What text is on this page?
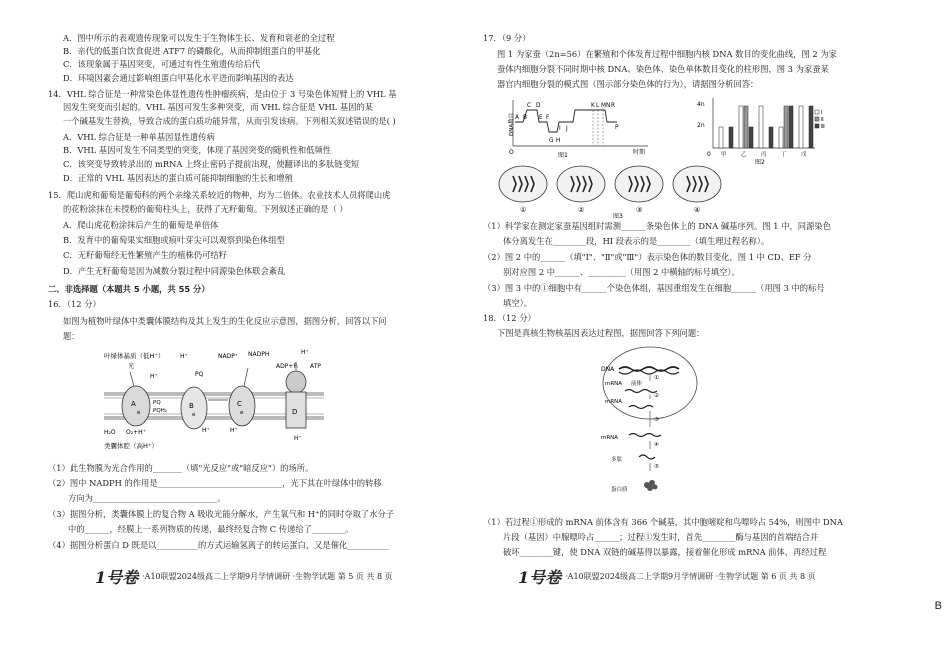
A．图中所示的表观遗传现象可以发生于生物体生长、发育和衰老的全过程
B．亲代的低蛋白饮食促进 ATF7 的磷酸化，从而抑制组蛋白的甲基化
C．该现象属于基因突变，可通过有性生殖遗传给后代
D．环境因素会通过影响组蛋白甲基化水平进而影响基因的表达
14．VHL 综合征是一种常染色体显性遗传性肿瘤疾病，是由位于 3 号染色体短臂上的 VHL 基
因发生突变而引起的。VHL 基因可发生多种突变，而 VHL 综合征是 VHL 基因的某
一个碱基发生替换，导致合成的蛋白质功能异常，从而引发该病。下列相关叙述错误的是( )
A．VHL 综合征是一种单基因显性遗传病
B．VHL 基因可发生不同类型的突变，体现了基因突变的随机性和低频性
C．该突变导致转录出的 mRNA 上终止密码子提前出现，使翻译出的多肽链变短
D．正常的 VHL 基因表达的蛋白质可能抑制细胞的生长和增殖
15．爬山虎和葡萄是葡萄科的两个亲缘关系较近的物种，均为二倍体。农业技术人员将爬山虎
的花粉涂抹在未授粉的葡萄柱头上，获得了无籽葡萄。下列叙述正确的是（ ）
A．爬山虎花粉涂抹后产生的葡萄是单倍体
B．发育中的葡萄果实细胞或痕叶芽尖可以观察到染色体组型
C．无籽葡萄经无性繁殖产生的植株仍可结籽
D．产生无籽葡萄是因为减数分裂过程中同源染色体联会紊乱
二、非选择题（本题共 5 小题，共 55 分）
16．（12 分）
如图为植物叶绿体中类囊体膜结构及其上发生的生化反应示意图，据图分析，回答以下问
题：
叶绿体基质（低H⁺）	H⁺	NADP⁺ NADPH	H⁺
ADP+Pᵢ ATP
PQ
光
H⁺
A
e
PQ
PQH₂
B
e
C
e	D
H₂O O₂+H⁺	H⁺	H⁺
H⁺
类囊体腔（高H⁺）
（1）此生物膜为光合作用的_______（填"光反应"或"暗反应"）的场所。
（2）图中 NADPH 的作用是______________________________，光下其在叶绿体中的转移
方向为______________________________。
（3）据图分析，类囊体膜上的复合物 A 吸收光能分解水，产生氧气和 H⁺的同时夺取了水分子
中的______，经膜上一系列物质的传递，最终经复合物 C 传递给了________。
（4）据图分析蛋白 D 既是以__________的方式运输氢离子的转运蛋白，又是催化__________
1号卷 ·A10联盟2024级高二上学期9月学情调研 ·生物学试题 第 5 页 共 8 页
17．（9 分）
图 1 为家蚕（2n=56）在繁殖和个体发育过程中细胞内核 DNA 数目的变化曲线，图 2 为家
蚕体内细胞分裂不同时期中核 DNA、染色体、染色单体数目变化的柱形图，图 3 为家蚕某
器官内细胞分裂的模式图（图示部分染色体的行为），请据图分析回答：
DNA数目
时期
O
A B
C D
E F
G H
I J
K L M N R
P
图1
4n
2n
0 甲	乙	丙	丁	戊
Ⅰ
Ⅱ
Ⅲ
图2
①	②	③	④
图3
（1）科学家在测定家蚕基因组时需测______条染色体上的 DNA 碱基序列。图 1 中，同源染色
体分离发生在________段，HI 段表示的是________（填生理过程名称）。
（2）图 2 中的______（填"Ⅰ"、"Ⅱ"或"Ⅲ"）表示染色体的数目变化，图 1 中 CD、EF 分
别对应图 2 中______、_________（用图 2 中横轴的标号填空）。
（3）图 3 中的①细胞中有______个染色体组，基因重组发生在细胞______（用图 3 中的标号
填空）。
18．（12 分）
下图是真核生物核基因表达过程图，据图回答下列问题：
DNA
mRNA 前体
mRNA
①
②
③
④
⑤
mRNA
多肽
蛋白质
（1）若过程①形成的 mRNA 前体含有 366 个碱基，其中胞嘧啶和鸟嘌呤占 54%，则图中 DNA
片段（基因）中腺嘌呤占______；过程①发生时，首先________酶与基因的首端结合并
破坏________键，使 DNA 双链的碱基得以暴露，接着催化形成 mRNA 前体，再经过程
1号卷 ·A10联盟2024级高二上学期9月学情调研 ·生物学试题 第 6 页 共 8 页
B
